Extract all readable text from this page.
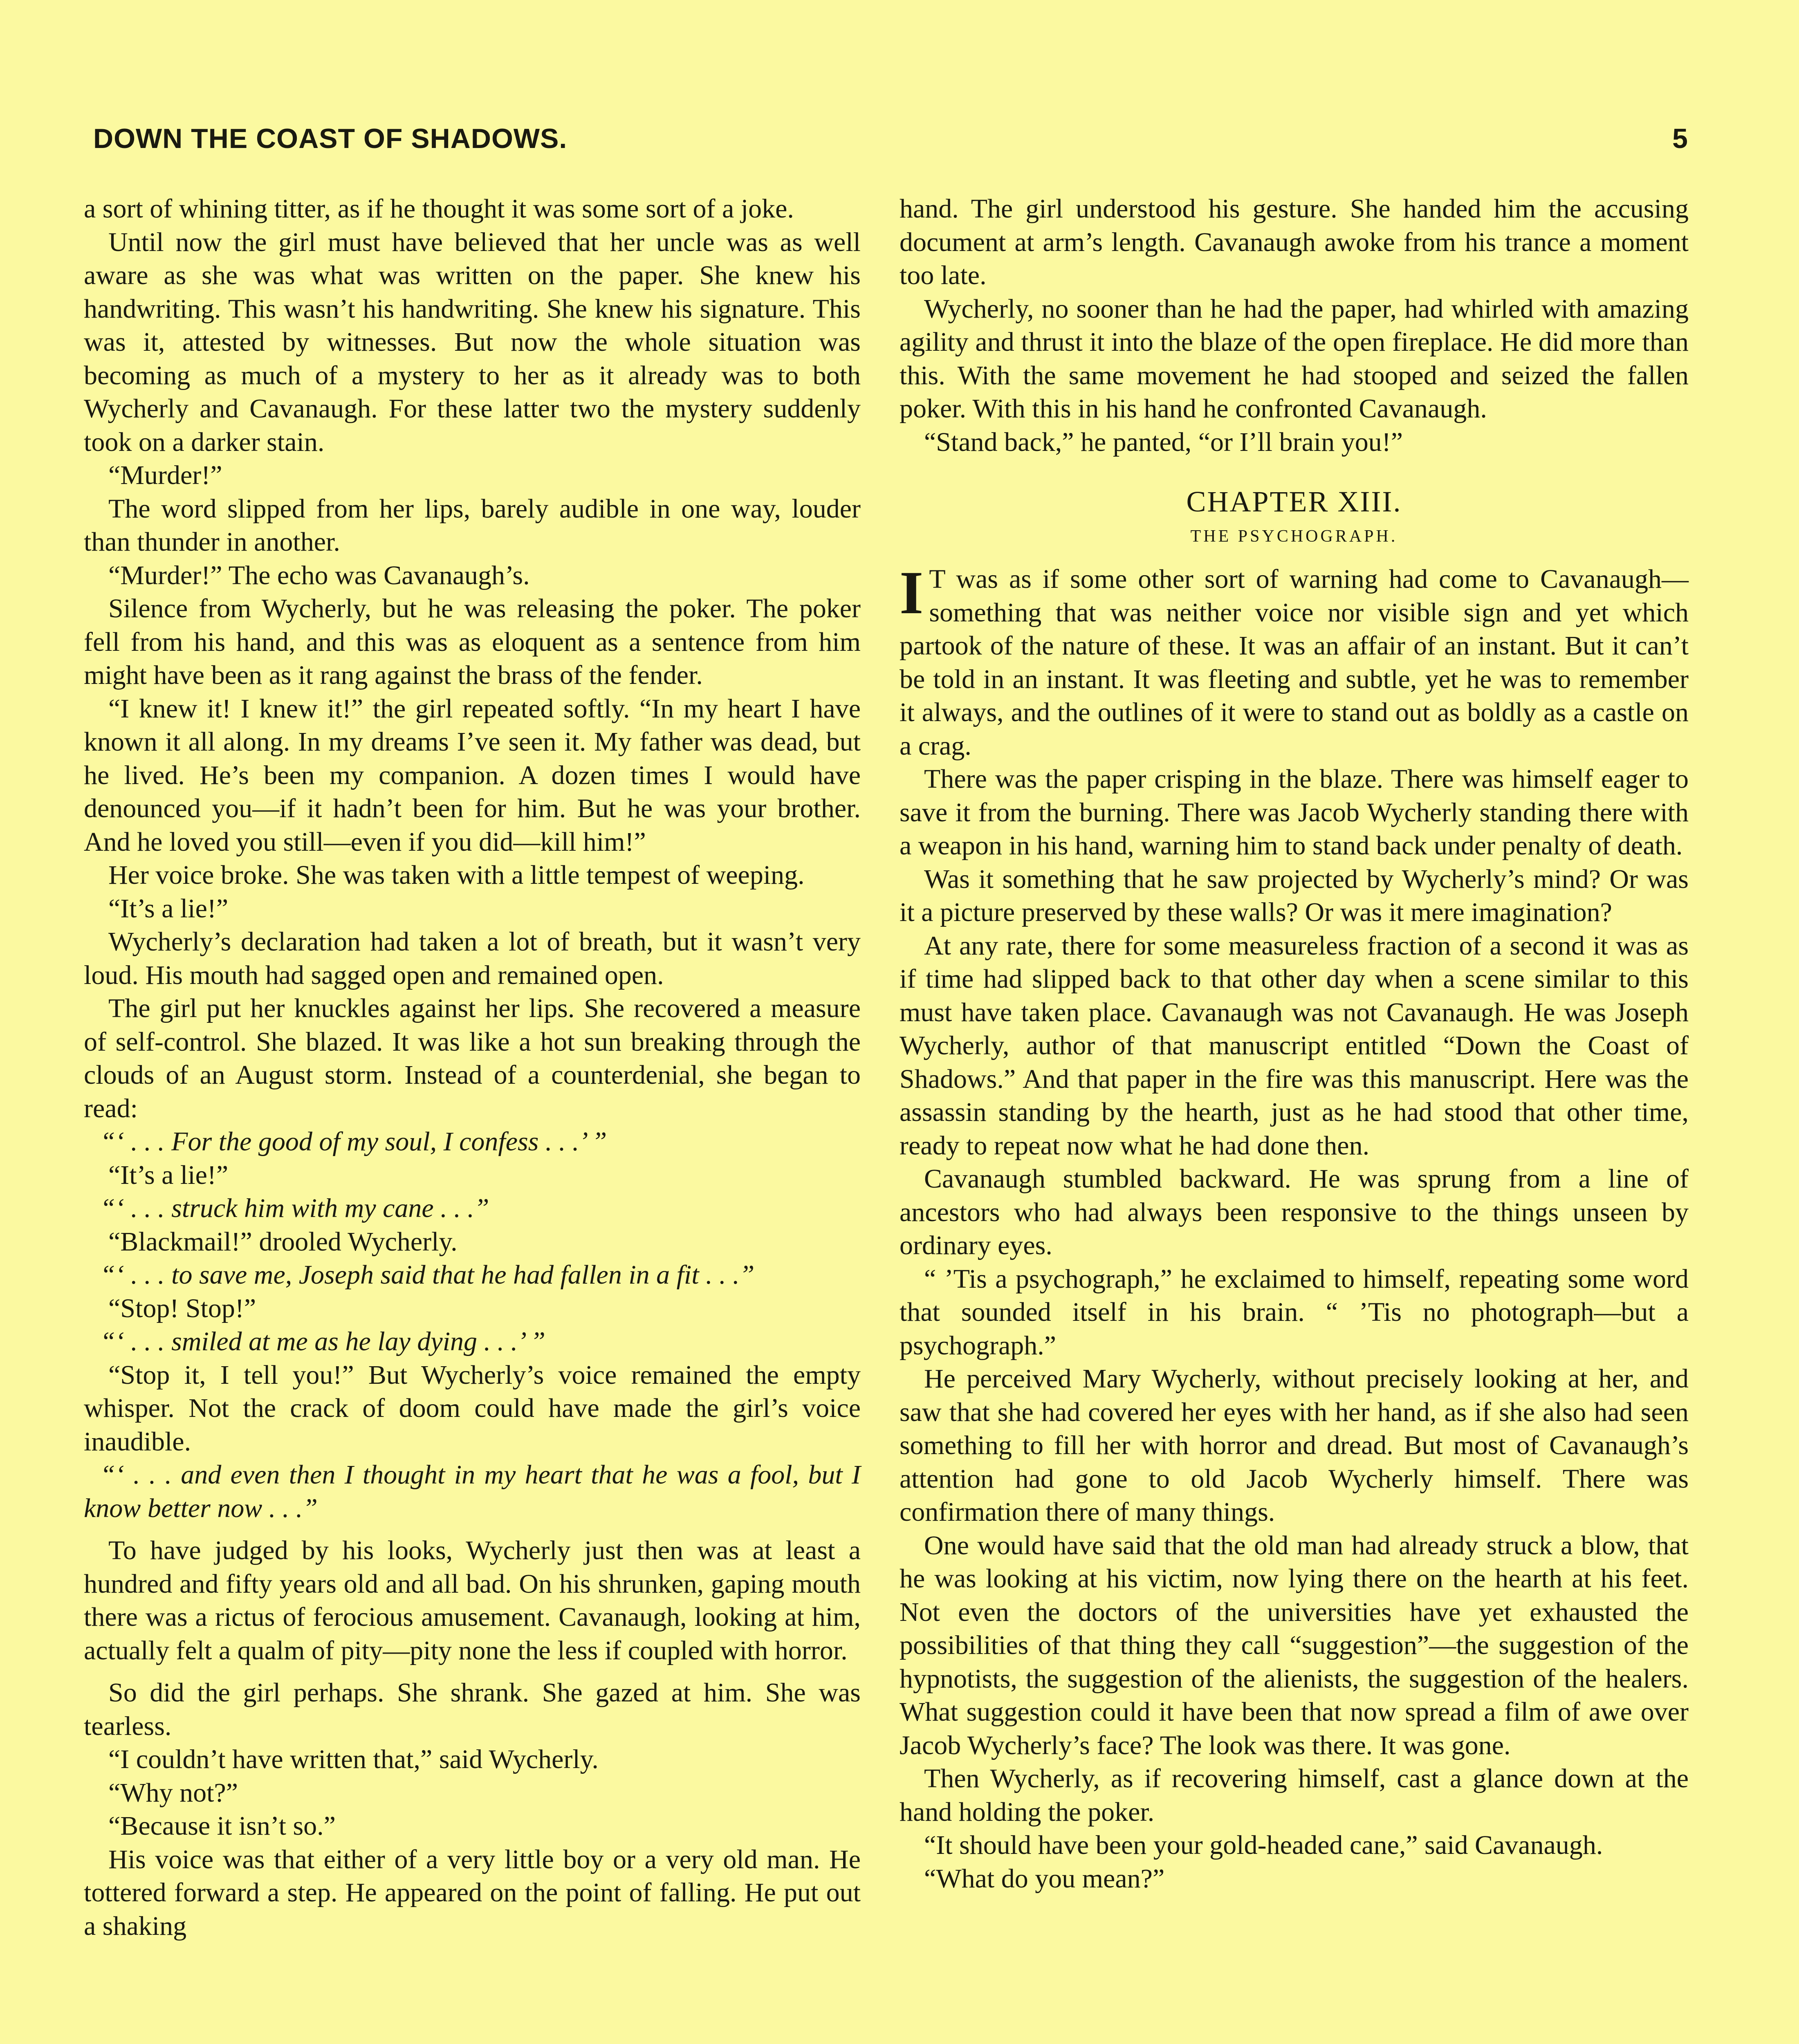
DOWN THE COAST OF SHADOWS.	5

a sort of whining titter, as if he thought it was some sort of a joke.

Until now the girl must have believed that her uncle was as well aware as she was what was written on the paper. She knew his handwriting. This wasn’t his handwriting. She knew his signature. This was it, attested by witnesses. But now the whole situation was becoming as much of a mystery to her as it already was to both Wycherly and Cavanaugh. For these latter two the mystery suddenly took on a darker stain.

“Murder!”

The word slipped from her lips, barely audible in one way, louder than thunder in another.

“Murder!” The echo was Cavanaugh’s.

Silence from Wycherly, but he was releasing the poker. The poker fell from his hand, and this was as eloquent as a sentence from him might have been as it rang against the brass of the fender.

“I knew it! I knew it!” the girl repeated softly. “In my heart I have known it all along. In my dreams I’ve seen it. My father was dead, but he lived. He’s been my companion. A dozen times I would have denounced you—if it hadn’t been for him. But he was your brother. And he loved you still—even if you did—kill him!”

Her voice broke. She was taken with a little tempest of weeping.

“It’s a lie!”

Wycherly’s declaration had taken a lot of breath, but it wasn’t very loud. His mouth had sagged open and remained open.

The girl put her knuckles against her lips. She recovered a measure of self-control. She blazed. It was like a hot sun breaking through the clouds of an August storm. Instead of a counterdenial, she began to read:

“‘ . . . For the good of my soul, I confess . . .’ ”

“It’s a lie!”

“‘ . . . struck him with my cane . . .”

“Blackmail!” drooled Wycherly.

“‘ . . . to save me, Joseph said that he had fallen in a fit . . .”

“Stop! Stop!”

“‘ . . . smiled at me as he lay dying . . .’ ”

“Stop it, I tell you!” But Wycherly’s voice remained the empty whisper. Not the crack of doom could have made the girl’s voice inaudible.

“‘ . . . and even then I thought in my heart that he was a fool, but I know better now . . .”

To have judged by his looks, Wycherly just then was at least a hundred and fifty years old and all bad. On his shrunken, gaping mouth there was a rictus of ferocious amusement. Cavanaugh, looking at him, actually felt a qualm of pity—pity none the less if coupled with horror.

So did the girl perhaps. She shrank. She gazed at him. She was tearless.

“I couldn’t have written that,” said Wycherly.

“Why not?”

“Because it isn’t so.”

His voice was that either of a very little boy or a very old man. He tottered forward a step. He appeared on the point of falling. He put out a shaking

hand. The girl understood his gesture. She handed him the accusing document at arm’s length. Cavanaugh awoke from his trance a moment too late.

Wycherly, no sooner than he had the paper, had whirled with amazing agility and thrust it into the blaze of the open fireplace. He did more than this. With the same movement he had stooped and seized the fallen poker. With this in his hand he confronted Cavanaugh.

“Stand back,” he panted, “or I’ll brain you!”

CHAPTER XIII.
THE PSYCHOGRAPH.

I T was as if some other sort of warning had come to Cavanaugh—something that was neither voice nor visible sign and yet which partook of the nature of these. It was an affair of an instant. But it can’t be told in an instant. It was fleeting and subtle, yet he was to remember it always, and the outlines of it were to stand out as boldly as a castle on a crag.

There was the paper crisping in the blaze. There was himself eager to save it from the burning. There was Jacob Wycherly standing there with a weapon in his hand, warning him to stand back under penalty of death.

Was it something that he saw projected by Wycherly’s mind? Or was it a picture preserved by these walls? Or was it mere imagination?

At any rate, there for some measureless fraction of a second it was as if time had slipped back to that other day when a scene similar to this must have taken place. Cavanaugh was not Cavanaugh. He was Joseph Wycherly, author of that manuscript entitled “Down the Coast of Shadows.” And that paper in the fire was this manuscript. Here was the assassin standing by the hearth, just as he had stood that other time, ready to repeat now what he had done then.

Cavanaugh stumbled backward. He was sprung from a line of ancestors who had always been responsive to the things unseen by ordinary eyes.

“ ’Tis a psychograph,” he exclaimed to himself, repeating some word that sounded itself in his brain. “ ’Tis no photograph—but a psychograph.”

He perceived Mary Wycherly, without precisely looking at her, and saw that she had covered her eyes with her hand, as if she also had seen something to fill her with horror and dread. But most of Cavanaugh’s attention had gone to old Jacob Wycherly himself. There was confirmation there of many things.

One would have said that the old man had already struck a blow, that he was looking at his victim, now lying there on the hearth at his feet. Not even the doctors of the universities have yet exhausted the possibilities of that thing they call “suggestion”—the suggestion of the hypnotists, the suggestion of the alienists, the suggestion of the healers. What suggestion could it have been that now spread a film of awe over Jacob Wycherly’s face? The look was there. It was gone.

Then Wycherly, as if recovering himself, cast a glance down at the hand holding the poker.

“It should have been your gold-headed cane,” said Cavanaugh.

“What do you mean?”
